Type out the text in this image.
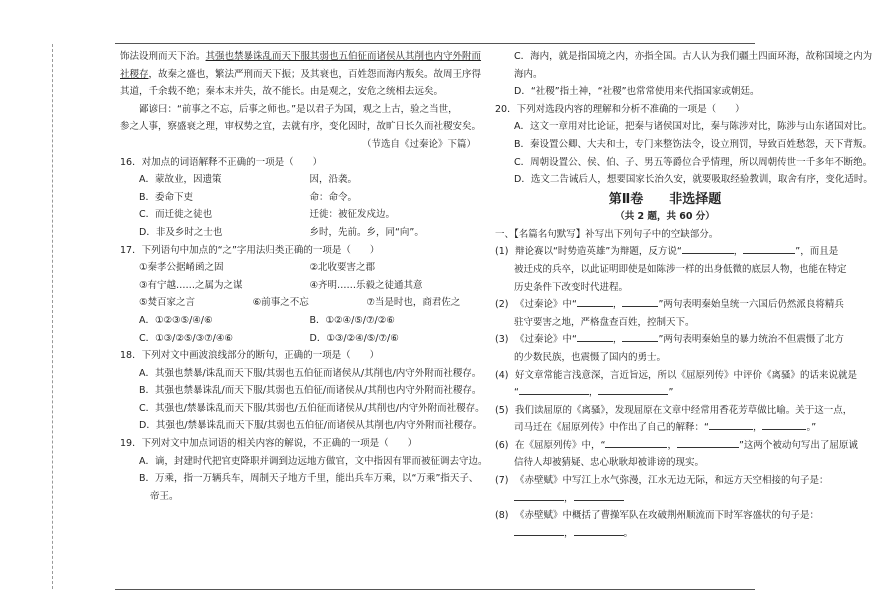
饰法设刑而天下治。其强也禁暴诛乱而天下服其弱也五伯征而诸侯从其削也内守外附而
社稷存，故秦之盛也，繁法严刑而天下振；及其衰也，百姓怨而海内叛矣。故周王序得
其道，千余载不绝；秦本末并失，故不能长。由是观之，安危之统相去远矣。
鄙谚曰：“前事之不忘，后事之师也。”是以君子为国，观之上古，验之当世，
参之人事，察盛衰之理，审权势之宜，去就有序，变化因时，故旷日长久而社稷安矣。
（节选自《过秦论》下篇）
16．对加点的词语解释不正确的一项是（　　）
A．蒙故业，因遗策	因，沿袭。
B．委命下吏	命：命令。
C．而迁徙之徒也	迁徙：被征发戍边。
D．非及乡时之士也	乡时，先前。乡，同“向”。
17．下列语句中加点的“之”字用法归类正确的一项是（　　）
①秦孝公据崤函之固	②北收要害之郡
③有宁越……之属为之谋	④齐明……乐毅之徒通其意
⑤焚百家之言	⑥前事之不忘	⑦当是时也，商君佐之
A．①②③⑤/④/⑥	B．①②④/⑤/⑦/②⑥
C．①③/②⑤/③⑦/④⑥	D．①③/②④/⑤/⑦/⑥
18．下列对文中画波浪线部分的断句，正确的一项是（　　）
A．其强也禁暴/诛乱而天下服/其弱也五伯征而诸侯从/其削也/内守外附而社稷存。
B．其强也禁暴诛乱/而天下服/其弱也五伯征/而诸侯从/其削也内守外附而社稷存。
C．其强也/禁暴诛乱而天下服/其弱也/五伯征而诸侯从/其削也/内守外附而社稷存。
D．其强也/禁暴诛乱而天下服/其弱也五伯征/而诸侯从其削也/内守外附而社稷存。
19．下列对文中加点词语的相关内容的解说，不正确的一项是（　　）
A．谪，封建时代把官吏降职并调到边远地方做官，文中指因有罪而被征调去守边。
B．万乘，指一万辆兵车，周制天子地方千里，能出兵车万乘，以“万乘”指天子、
帝王。
C．海内，就是指国境之内，亦指全国。古人认为我们疆土四面环海，故称国境之内为
海内。
D．“社稷”指土神，“社稷”也常常使用来代指国家或朝廷。
20．下列对选段内容的理解和分析不准确的一项是（　　）
A．这文一章用对比论证，把秦与诸侯国对比，秦与陈涉对比，陈涉与山东诸国对比。
B．秦设置公卿、大夫和士，专门来整饬法令，设立刑罚，导致百姓愁怨，天下背叛。
C．周朝设置公、侯、伯、子、男五等爵位合乎情理，所以周朝传世一千多年不断绝。
D．选文二告诫后人，想要国家长治久安，就要吸取经验教训，取舍有序，变化适时。
第Ⅱ卷　　非选择题
（共 2 题，共 60 分）
一、【名篇名句默写】补写出下列句子中的空缺部分。
(1) 辩论赛以“时势造英雄”为辩题，反方说“	，	”，而且是
被迁戍的兵卒，以此证明即使是如陈涉一样的出身低微的底层人物，也能在特定
历史条件下改变时代进程。
(2) 《过秦论》中“	，	”两句表明秦始皇统一六国后仍然派良将精兵
驻守要害之地，严格盘查百姓，控制天下。
(3) 《过秦论》中“	，	”两句表明秦始皇的暴力统治不但震慑了北方
的少数民族，也震慑了国内的勇士。
(4) 好文章常能言浅意深，言近旨远，所以《屈原列传》中评价《离骚》的话来说就是
“	，	”
(5) 我们读屈原的《离骚》，发现屈原在文章中经常用香花芳草做比喻。关于这一点，
司马迁在《屈原列传》中作出了自己的解释：“	，	。”
(6) 在《屈原列传》中，“	，	”这两个被动句写出了屈原诚
信待人却被猜疑、忠心耿耿却被诽谤的现实。
(7) 《赤壁赋》中写江上水气弥漫，江水无边无际，和远方天空相接的句子是：
，
(8) 《赤壁赋》中概括了曹操军队在攻破荆州顺流而下时军容盛状的句子是：
，	。
